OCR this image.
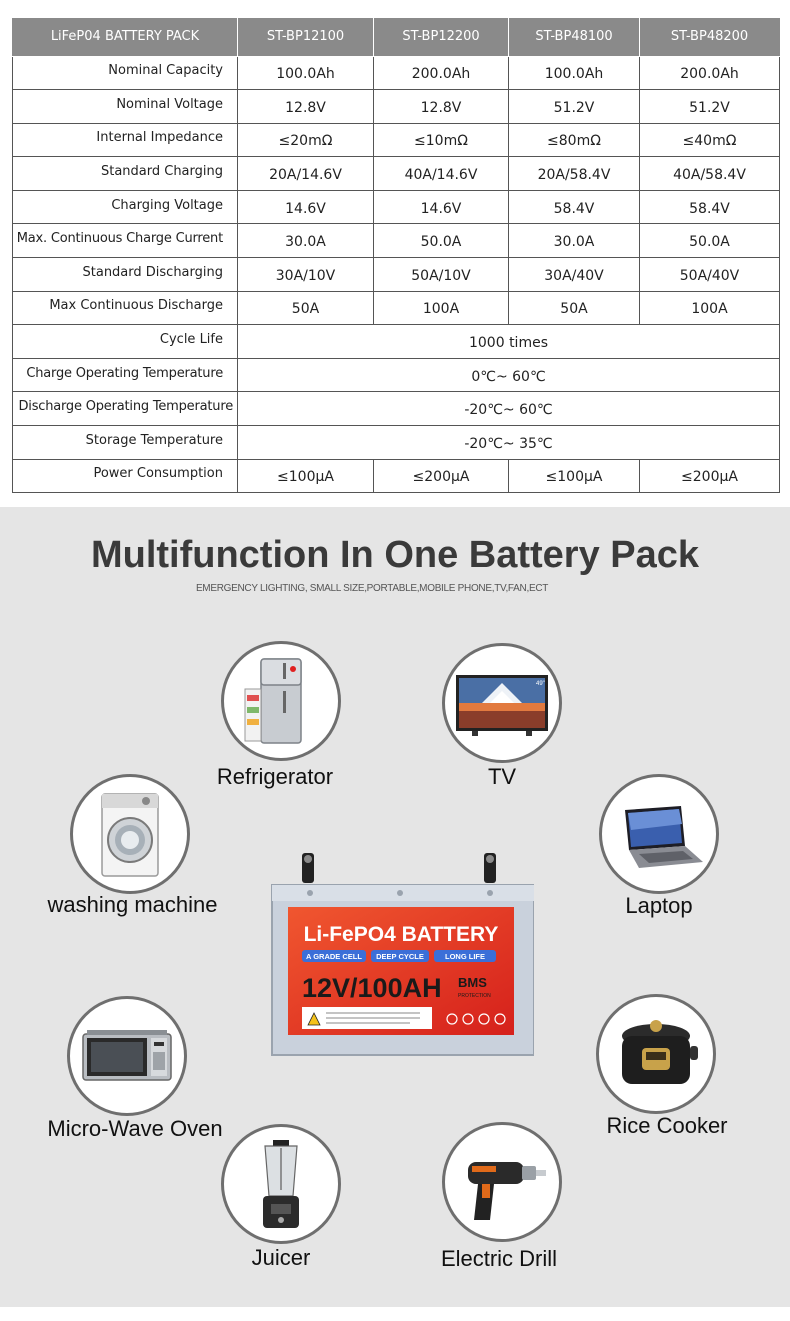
LiFeP04 BATTERY PACK	ST-BP12100	ST-BP12200	ST-BP48100	ST-BP48200
Nominal Capacity	100.0Ah	200.0Ah	100.0Ah	200.0Ah
Nominal Voltage	12.8V	12.8V	51.2V	51.2V
Internal Impedance	≤20mΩ	≤10mΩ	≤80mΩ	≤40mΩ
Standard Charging	20A/14.6V	40A/14.6V	20A/58.4V	40A/58.4V
Charging Voltage	14.6V	14.6V	58.4V	58.4V
Max. Continuous Charge Current	30.0A	50.0A	30.0A	50.0A
Standard Discharging	30A/10V	50A/10V	30A/40V	50A/40V
Max Continuous Discharge	50A	100A	50A	100A
Cycle Life	1000 times			
Charge Operating Temperature	0℃~ 60℃			
Discharge Operating Temperature	-20℃~ 60℃			
Storage Temperature	-20℃~ 35℃			
Power Consumption	≤100μA	≤200μA	≤100μA	≤200μA
Multifunction In One Battery Pack
EMERGENCY LIGHTING, SMALL SIZE,PORTABLE,MOBILE PHONE,TV,FAN,ECT
Refrigerator
49"
TV
washing machine	Laptop
Li-FePO4 BATTERY
A GRADE CELL DEEP CYCLE	LONG LIFE
12V/100AH BMS
PROTECTION
Micro-Wave Oven	Rice Cooker
Juicer	Electric Drill
